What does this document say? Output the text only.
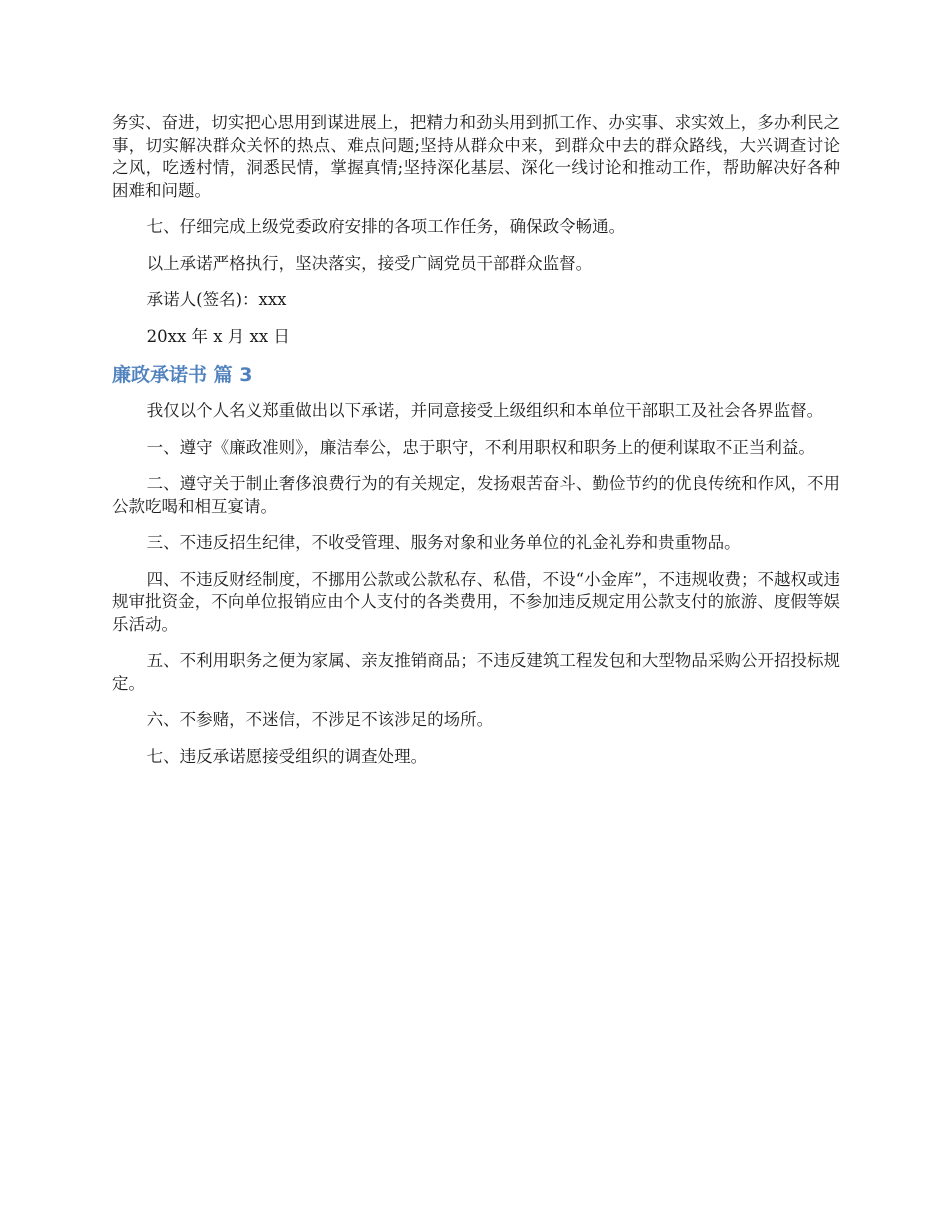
务实、奋进，切实把心思用到谋进展上，把精力和劲头用到抓工作、办实事、求实效上，多办利民之事，切实解决群众关怀的热点、难点问题;坚持从群众中来，到群众中去的群众路线，大兴调查讨论之风，吃透村情，洞悉民情，掌握真情;坚持深化基层、深化一线讨论和推动工作，帮助解决好各种困难和问题。

七、仔细完成上级党委政府安排的各项工作任务，确保政令畅通。

以上承诺严格执行，坚决落实，接受广阔党员干部群众监督。

承诺人(签名)：xxx

20xx 年 x 月 xx 日

廉政承诺书 篇 3

我仅以个人名义郑重做出以下承诺，并同意接受上级组织和本单位干部职工及社会各界监督。

一、遵守《廉政准则》，廉洁奉公，忠于职守，不利用职权和职务上的便利谋取不正当利益。

二、遵守关于制止奢侈浪费行为的有关规定，发扬艰苦奋斗、勤俭节约的优良传统和作风，不用公款吃喝和相互宴请。

三、不违反招生纪律，不收受管理、服务对象和业务单位的礼金礼券和贵重物品。

四、不违反财经制度，不挪用公款或公款私存、私借，不设“小金库”，不违规收费；不越权或违规审批资金，不向单位报销应由个人支付的各类费用，不参加违反规定用公款支付的旅游、度假等娱乐活动。

五、不利用职务之便为家属、亲友推销商品；不违反建筑工程发包和大型物品采购公开招投标规定。

六、不参赌，不迷信，不涉足不该涉足的场所。

七、违反承诺愿接受组织的调查处理。
